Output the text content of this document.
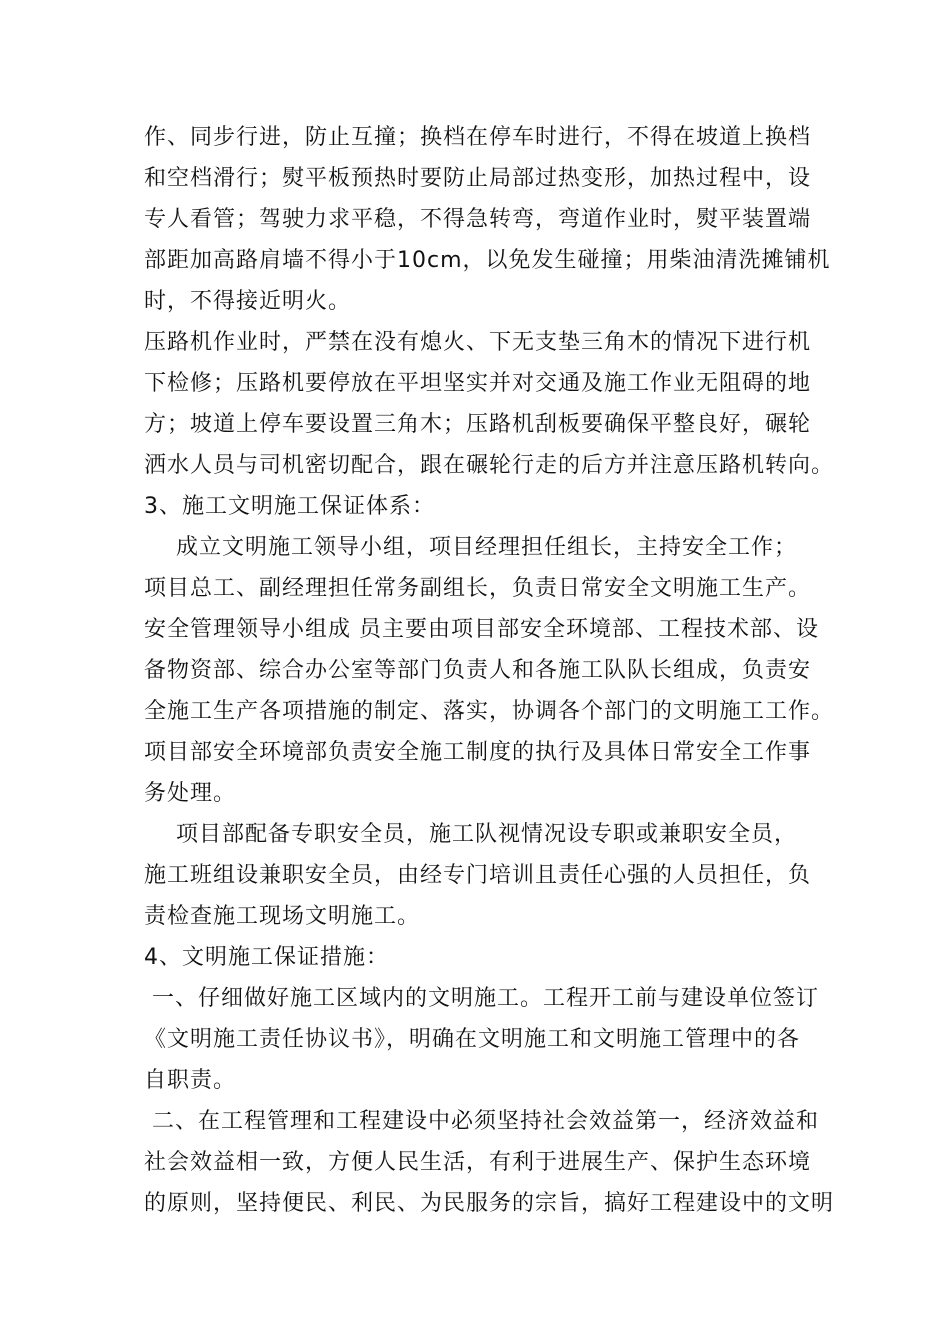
作、同步行进，防止互撞；换档在停车时进行，不得在坡道上换档
和空档滑行；熨平板预热时要防止局部过热变形，加热过程中，设
专人看管；驾驶力求平稳，不得急转弯，弯道作业时，熨平装置端
部距加高路肩墙不得小于10cm，以免发生碰撞；用柴油清洗摊铺机
时，不得接近明火。
压路机作业时，严禁在没有熄火、下无支垫三角木的情况下进行机
下检修；压路机要停放在平坦坚实并对交通及施工作业无阻碍的地
方；坡道上停车要设置三角木；压路机刮板要确保平整良好，碾轮
洒水人员与司机密切配合，跟在碾轮行走的后方并注意压路机转向。
3、施工文明施工保证体系：
成立文明施工领导小组，项目经理担任组长，主持安全工作；
项目总工、副经理担任常务副组长，负责日常安全文明施工生产。
安全管理领导小组成 员主要由项目部安全环境部、工程技术部、设
备物资部、综合办公室等部门负责人和各施工队队长组成，负责安
全施工生产各项措施的制定、落实，协调各个部门的文明施工工作。
项目部安全环境部负责安全施工制度的执行及具体日常安全工作事
务处理。
项目部配备专职安全员，施工队视情况设专职或兼职安全员，
施工班组设兼职安全员，由经专门培训且责任心强的人员担任，负
责检查施工现场文明施工。
4、文明施工保证措施：
一、仔细做好施工区域内的文明施工。工程开工前与建设单位签订
《文明施工责任协议书》，明确在文明施工和文明施工管理中的各
自职责。
二、在工程管理和工程建设中必须坚持社会效益第一，经济效益和
社会效益相一致，方便人民生活，有利于进展生产、保护生态环境
的原则，坚持便民、利民、为民服务的宗旨，搞好工程建设中的文明
